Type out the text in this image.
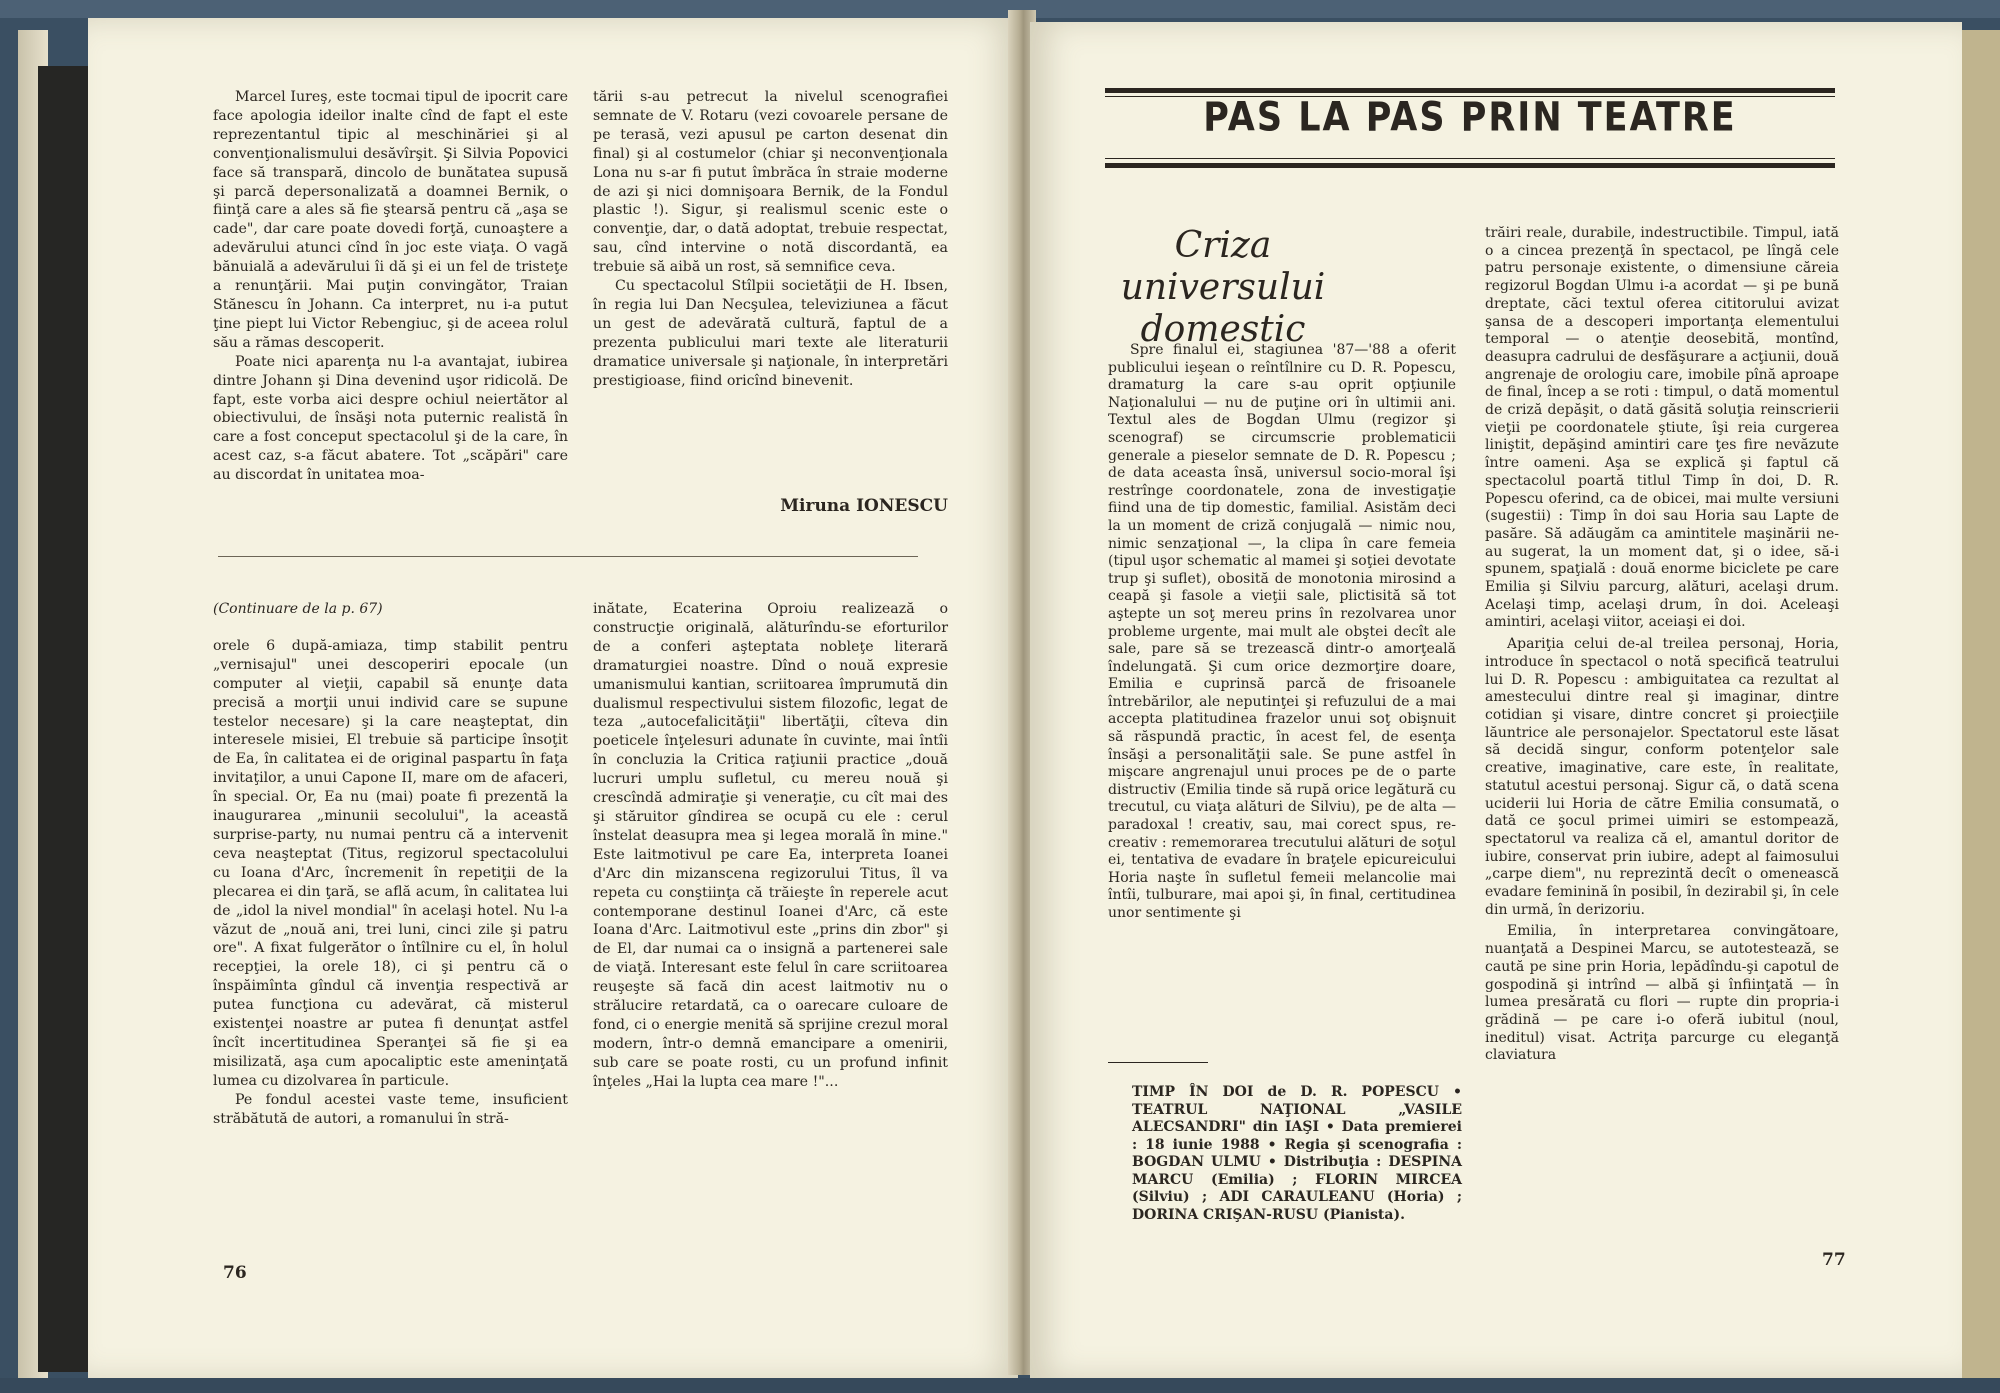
Marcel Iureş, este tocmai tipul de ipocrit care face apologia ideilor inalte cînd de fapt el este reprezentantul tipic al meschinăriei şi al convenţionalismului desăvîrşit. Şi Silvia Popovici face să transpară, dincolo de bunătatea supusă şi parcă depersonalizată a doamnei Bernik, o fiinţă care a ales să fie ştearsă pentru că „aşa se cade", dar care poate dovedi forţă, cunoaştere a adevărului atunci cînd în joc este viaţa. O vagă bănuială a adevărului îi dă şi ei un fel de tristeţe a renunţării. Mai puţin convingător, Traian Stănescu în Johann. Ca interpret, nu i-a putut ţine piept lui Victor Rebengiuc, şi de aceea rolul său a rămas descoperit.

Poate nici aparenţa nu l-a avantajat, iubirea dintre Johann şi Dina devenind uşor ridicolă. De fapt, este vorba aici despre ochiul neiertător al obiectivului, de însăşi nota puternic realistă în care a fost conceput spectacolul şi de la care, în acest caz, s-a făcut abatere. Tot „scăpări" care au discordat în unitatea moa-

tării s-au petrecut la nivelul scenografiei semnate de V. Rotaru (vezi covoarele persane de pe terasă, vezi apusul pe carton desenat din final) şi al costumelor (chiar şi neconvenţionala Lona nu s-ar fi putut îmbrăca în straie moderne de azi şi nici domnişoara Bernik, de la Fondul plastic !). Sigur, şi realismul scenic este o convenţie, dar, o dată adoptat, trebuie respectat, sau, cînd intervine o notă discordantă, ea trebuie să aibă un rost, să semnifice ceva.

Cu spectacolul Stîlpii societăţii de H. Ibsen, în regia lui Dan Necşulea, televiziunea a făcut un gest de adevărată cultură, faptul de a prezenta publicului mari texte ale literaturii dramatice universale şi naţionale, în interpretări prestigioase, fiind oricînd binevenit.

Miruna IONESCU

(Continuare de la p. 67)

orele 6 după-amiaza, timp stabilit pentru „vernisajul" unei descoperiri epocale (un computer al vieţii, capabil să enunţe data precisă a morţii unui individ care se supune testelor necesare) şi la care neaşteptat, din interesele misiei, El trebuie să participe însoţit de Ea, în calitatea ei de original paspartu în faţa invitaţilor, a unui Capone II, mare om de afaceri, în special. Or, Ea nu (mai) poate fi prezentă la inaugurarea „minunii secolului", la această surprise-party, nu numai pentru că a intervenit ceva neaşteptat (Titus, regizorul spectacolului cu Ioana d'Arc, încremenit în repetiţii de la plecarea ei din ţară, se află acum, în calitatea lui de „idol la nivel mondial" în acelaşi hotel. Nu l-a văzut de „nouă ani, trei luni, cinci zile şi patru ore". A fixat fulgerător o întîlnire cu el, în holul recepţiei, la orele 18), ci şi pentru că o înspăimînta gîndul că invenţia respectivă ar putea funcţiona cu adevărat, că misterul existenţei noastre ar putea fi denunţat astfel încît incertitudinea Speranţei să fie şi ea misilizată, aşa cum apocaliptic este ameninţată lumea cu dizolvarea în particule.

Pe fondul acestei vaste teme, insuficient străbătută de autori, a romanului în stră-

inătate, Ecaterina Oproiu realizează o construcţie originală, alăturîndu-se eforturilor de a conferi aşteptata nobleţe literară dramaturgiei noastre. Dînd o nouă expresie umanismului kantian, scriitoarea împrumută din dualismul respectivului sistem filozofic, legat de teza „autocefalicităţii" libertăţii, cîteva din poeticele înţelesuri adunate în cuvinte, mai întîi în concluzia la Critica raţiunii practice „două lucruri umplu sufletul, cu mereu nouă şi crescîndă admiraţie şi veneraţie, cu cît mai des şi stăruitor gîndirea se ocupă cu ele : cerul înstelat deasupra mea şi legea morală în mine." Este laitmotivul pe care Ea, interpreta Ioanei d'Arc din mizanscena regizorului Titus, îl va repeta cu conştiinţa că trăieşte în reperele acut contemporane destinul Ioanei d'Arc, că este Ioana d'Arc. Laitmotivul este „prins din zbor" şi de El, dar numai ca o insignă a partenerei sale de viaţă. Interesant este felul în care scriitoarea reuşeşte să facă din acest laitmotiv nu o strălucire retardată, ca o oarecare culoare de fond, ci o energie menită să sprijine crezul moral modern, într-o demnă emancipare a omenirii, sub care se poate rosti, cu un profund infinit înţeles „Hai la lupta cea mare !"...

76
PAS LA PAS PRIN TEATRE
Criza universului
domestic

Spre finalul ei, stagiunea '87—'88 a oferit publicului ieşean o reîntîlnire cu D. R. Popescu, dramaturg la care s-au oprit opţiunile Naţionalului — nu de puţine ori în ultimii ani. Textul ales de Bogdan Ulmu (regizor şi scenograf) se circumscrie problematicii generale a pieselor semnate de D. R. Popescu ; de data aceasta însă, universul socio-moral îşi restrînge coordonatele, zona de investigaţie fiind una de tip domestic, familial. Asistăm deci la un moment de criză conjugală — nimic nou, nimic senzaţional —, la clipa în care femeia (tipul uşor schematic al mamei şi soţiei devotate trup şi suflet), obosită de monotonia mirosind a ceapă şi fasole a vieţii sale, plictisită să tot aştepte un soţ mereu prins în rezolvarea unor probleme urgente, mai mult ale obştei decît ale sale, pare să se trezească dintr-o amorţeală îndelungată. Şi cum orice dezmorţire doare, Emilia e cuprinsă parcă de frisoanele întrebărilor, ale neputinţei şi refuzului de a mai accepta platitudinea frazelor unui soţ obişnuit să răspundă practic, în acest fel, de esenţa însăşi a personalităţii sale. Se pune astfel în mişcare angrenajul unui proces pe de o parte distructiv (Emilia tinde să rupă orice legătură cu trecutul, cu viaţa alături de Silviu), pe de alta — paradoxal ! creativ, sau, mai corect spus, re-creativ : rememorarea trecutului alături de soţul ei, tentativa de evadare în braţele epicureicului Horia naşte în sufletul femeii melancolie mai întîi, tulburare, mai apoi şi, în final, certitudinea unor sentimente şi

TIMP ÎN DOI de D. R. POPESCU • TEATRUL NAŢIONAL „VASILE ALECSANDRI" din IAŞI • Data premierei : 18 iunie 1988 • Regia şi scenografia : BOGDAN ULMU • Distribuţia : DESPINA MARCU (Emilia) ; FLORIN MIRCEA (Silviu) ; ADI CARAULEANU (Horia) ; DORINA CRIŞAN-RUSU (Pianista).

trăiri reale, durabile, indestructibile. Timpul, iată o a cincea prezenţă în spectacol, pe lîngă cele patru personaje existente, o dimensiune căreia regizorul Bogdan Ulmu i-a acordat — şi pe bună dreptate, căci textul oferea cititorului avizat şansa de a descoperi importanţa elementului temporal — o atenţie deosebită, montînd, deasupra cadrului de desfăşurare a acţiunii, două angrenaje de orologiu care, imobile pînă aproape de final, încep a se roti : timpul, o dată momentul de criză depăşit, o dată găsită soluţia reinscrierii vieţii pe coordonatele ştiute, îşi reia curgerea liniştit, depăşind amintiri care ţes fire nevăzute între oameni. Aşa se explică şi faptul că spectacolul poartă titlul Timp în doi, D. R. Popescu oferind, ca de obicei, mai multe versiuni (sugestii) : Timp în doi sau Horia sau Lapte de pasăre. Să adăugăm ca amintitele maşinării ne-au sugerat, la un moment dat, şi o idee, să-i spunem, spaţială : două enorme biciclete pe care Emilia şi Silviu parcurg, alături, acelaşi drum. Acelaşi timp, acelaşi drum, în doi. Aceleaşi amintiri, acelaşi viitor, aceiaşi ei doi.

Apariţia celui de-al treilea personaj, Horia, introduce în spectacol o notă specifică teatrului lui D. R. Popescu : ambiguitatea ca rezultat al amestecului dintre real şi imaginar, dintre cotidian şi visare, dintre concret şi proiecţiile lăuntrice ale personajelor. Spectatorul este lăsat să decidă singur, conform potenţelor sale creative, imaginative, care este, în realitate, statutul acestui personaj. Sigur că, o dată scena uciderii lui Horia de către Emilia consumată, o dată ce şocul primei uimiri se estompează, spectatorul va realiza că el, amantul doritor de iubire, conservat prin iubire, adept al faimosului „carpe diem", nu reprezintă decît o omenească evadare feminină în posibil, în dezirabil şi, în cele din urmă, în derizoriu.

Emilia, în interpretarea convingătoare, nuanţată a Despinei Marcu, se autotestează, se caută pe sine prin Horia, lepădîndu-şi capotul de gospodină şi intrînd — albă şi înfiinţată — în lumea presărată cu flori — rupte din propria-i grădină — pe care i-o oferă iubitul (noul, ineditul) visat. Actriţa parcurge cu eleganţă claviatura

77
